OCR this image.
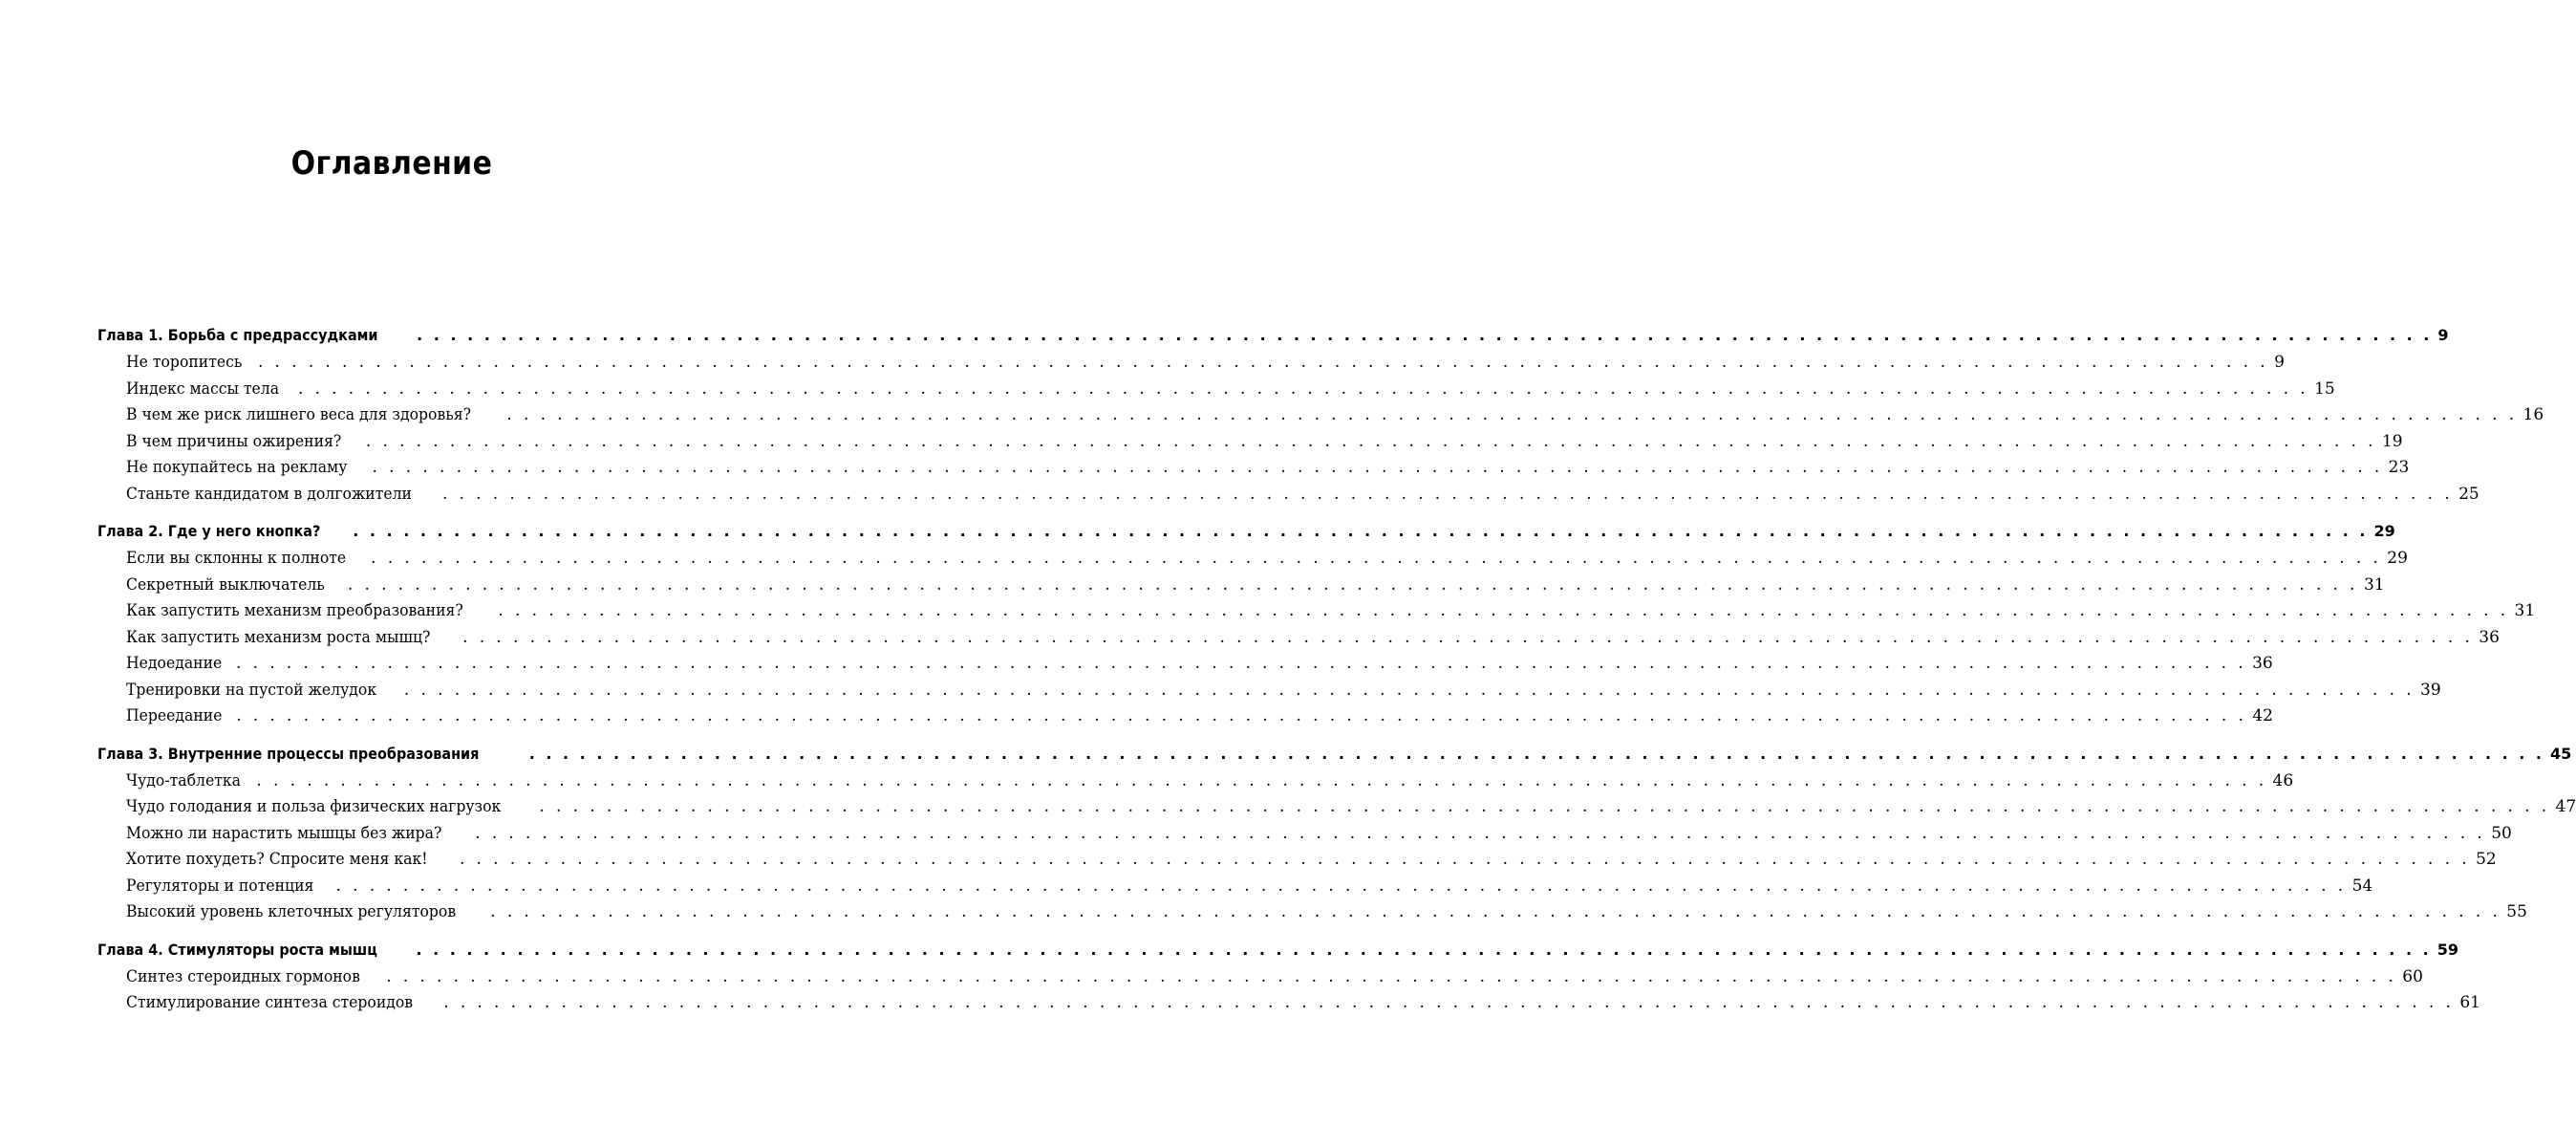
Оглавление
Глава 1. Борьба с предрассудками	. . . . . . . . . . . . . . . . . . . . . . . . . . . . . . . . . . . . . . . . . . . . . . . . . . . . . . . . . . . . . . . . . . . . . . . . . . . . . . . . . . . . . . . . . . . . . . . . . . . . . . . . . . . . . . . . . . . . . . . . 9
Не торопитесь . . . . . . . . . . . . . . . . . . . . . . . . . . . . . . . . . . . . . . . . . . . . . . . . . . . . . . . . . . . . . . . . . . . . . . . . . . . . . . . . . . . . . . . . . . . . . . . . . . . . . . . . . . . . . . . . . . . . . . . . 9
Индекс массы тела . . . . . . . . . . . . . . . . . . . . . . . . . . . . . . . . . . . . . . . . . . . . . . . . . . . . . . . . . . . . . . . . . . . . . . . . . . . . . . . . . . . . . . . . . . . . . . . . . . . . . . . . . . . . . . . . . . . . . . . . 15
В чем же риск лишнего веса для здоровья? . . . . . . . . . . . . . . . . . . . . . . . . . . . . . . . . . . . . . . . . . . . . . . . . . . . . . . . . . . . . . . . . . . . . . . . . . . . . . . . . . . . . . . . . . . . . . . . . . . . . . . . . . . . . . . . . . . . . . . . . 16
В чем причины ожирения? . . . . . . . . . . . . . . . . . . . . . . . . . . . . . . . . . . . . . . . . . . . . . . . . . . . . . . . . . . . . . . . . . . . . . . . . . . . . . . . . . . . . . . . . . . . . . . . . . . . . . . . . . . . . . . . . . . . . . . . . 19
Не покупайтесь на рекламу . . . . . . . . . . . . . . . . . . . . . . . . . . . . . . . . . . . . . . . . . . . . . . . . . . . . . . . . . . . . . . . . . . . . . . . . . . . . . . . . . . . . . . . . . . . . . . . . . . . . . . . . . . . . . . . . . . . . . . . . 23
Станьте кандидатом в долгожители . . . . . . . . . . . . . . . . . . . . . . . . . . . . . . . . . . . . . . . . . . . . . . . . . . . . . . . . . . . . . . . . . . . . . . . . . . . . . . . . . . . . . . . . . . . . . . . . . . . . . . . . . . . . . . . . . . . . . . . . 25
Глава 2. Где у него кнопка? . . . . . . . . . . . . . . . . . . . . . . . . . . . . . . . . . . . . . . . . . . . . . . . . . . . . . . . . . . . . . . . . . . . . . . . . . . . . . . . . . . . . . . . . . . . . . . . . . . . . . . . . . . . . . . . . . . . . . . . . 29
Если вы склонны к полноте . . . . . . . . . . . . . . . . . . . . . . . . . . . . . . . . . . . . . . . . . . . . . . . . . . . . . . . . . . . . . . . . . . . . . . . . . . . . . . . . . . . . . . . . . . . . . . . . . . . . . . . . . . . . . . . . . . . . . . . . 29
Секретный выключатель . . . . . . . . . . . . . . . . . . . . . . . . . . . . . . . . . . . . . . . . . . . . . . . . . . . . . . . . . . . . . . . . . . . . . . . . . . . . . . . . . . . . . . . . . . . . . . . . . . . . . . . . . . . . . . . . . . . . . . . . 31
Как запустить механизм преобразования? . . . . . . . . . . . . . . . . . . . . . . . . . . . . . . . . . . . . . . . . . . . . . . . . . . . . . . . . . . . . . . . . . . . . . . . . . . . . . . . . . . . . . . . . . . . . . . . . . . . . . . . . . . . . . . . . . . . . . . . . 31
Как запустить механизм роста мышц? . . . . . . . . . . . . . . . . . . . . . . . . . . . . . . . . . . . . . . . . . . . . . . . . . . . . . . . . . . . . . . . . . . . . . . . . . . . . . . . . . . . . . . . . . . . . . . . . . . . . . . . . . . . . . . . . . . . . . . . . 36
Недоедание . . . . . . . . . . . . . . . . . . . . . . . . . . . . . . . . . . . . . . . . . . . . . . . . . . . . . . . . . . . . . . . . . . . . . . . . . . . . . . . . . . . . . . . . . . . . . . . . . . . . . . . . . . . . . . . . . . . . . . . . 36
Тренировки на пустой желудок . . . . . . . . . . . . . . . . . . . . . . . . . . . . . . . . . . . . . . . . . . . . . . . . . . . . . . . . . . . . . . . . . . . . . . . . . . . . . . . . . . . . . . . . . . . . . . . . . . . . . . . . . . . . . . . . . . . . . . . . 39
Переедание . . . . . . . . . . . . . . . . . . . . . . . . . . . . . . . . . . . . . . . . . . . . . . . . . . . . . . . . . . . . . . . . . . . . . . . . . . . . . . . . . . . . . . . . . . . . . . . . . . . . . . . . . . . . . . . . . . . . . . . . 42
Глава 3. Внутренние процессы преобразования	. . . . . . . . . . . . . . . . . . . . . . . . . . . . . . . . . . . . . . . . . . . . . . . . . . . . . . . . . . . . . . . . . . . . . . . . . . . . . . . . . . . . . . . . . . . . . . . . . . . . . . . . . . . . . . . . . . . . . . . . 45
Чудо-таблетка . . . . . . . . . . . . . . . . . . . . . . . . . . . . . . . . . . . . . . . . . . . . . . . . . . . . . . . . . . . . . . . . . . . . . . . . . . . . . . . . . . . . . . . . . . . . . . . . . . . . . . . . . . . . . . . . . . . . . . . . 46
Чудо голодания и польза физических нагрузок . . . . . . . . . . . . . . . . . . . . . . . . . . . . . . . . . . . . . . . . . . . . . . . . . . . . . . . . . . . . . . . . . . . . . . . . . . . . . . . . . . . . . . . . . . . . . . . . . . . . . . . . . . . . . . . . . . . . . . . . 47
Можно ли нарастить мышцы без жира? . . . . . . . . . . . . . . . . . . . . . . . . . . . . . . . . . . . . . . . . . . . . . . . . . . . . . . . . . . . . . . . . . . . . . . . . . . . . . . . . . . . . . . . . . . . . . . . . . . . . . . . . . . . . . . . . . . . . . . . . 50
Хотите похудеть? Спросите меня как! . . . . . . . . . . . . . . . . . . . . . . . . . . . . . . . . . . . . . . . . . . . . . . . . . . . . . . . . . . . . . . . . . . . . . . . . . . . . . . . . . . . . . . . . . . . . . . . . . . . . . . . . . . . . . . . . . . . . . . . . 52
Регуляторы и потенция . . . . . . . . . . . . . . . . . . . . . . . . . . . . . . . . . . . . . . . . . . . . . . . . . . . . . . . . . . . . . . . . . . . . . . . . . . . . . . . . . . . . . . . . . . . . . . . . . . . . . . . . . . . . . . . . . . . . . . . . 54
Высокий уровень клеточных регуляторов . . . . . . . . . . . . . . . . . . . . . . . . . . . . . . . . . . . . . . . . . . . . . . . . . . . . . . . . . . . . . . . . . . . . . . . . . . . . . . . . . . . . . . . . . . . . . . . . . . . . . . . . . . . . . . . . . . . . . . . . 55
Глава 4. Стимуляторы роста мышц	. . . . . . . . . . . . . . . . . . . . . . . . . . . . . . . . . . . . . . . . . . . . . . . . . . . . . . . . . . . . . . . . . . . . . . . . . . . . . . . . . . . . . . . . . . . . . . . . . . . . . . . . . . . . . . . . . . . . . . . . 59
Синтез стероидных гормонов . . . . . . . . . . . . . . . . . . . . . . . . . . . . . . . . . . . . . . . . . . . . . . . . . . . . . . . . . . . . . . . . . . . . . . . . . . . . . . . . . . . . . . . . . . . . . . . . . . . . . . . . . . . . . . . . . . . . . . . . 60
Стимулирование синтеза стероидов . . . . . . . . . . . . . . . . . . . . . . . . . . . . . . . . . . . . . . . . . . . . . . . . . . . . . . . . . . . . . . . . . . . . . . . . . . . . . . . . . . . . . . . . . . . . . . . . . . . . . . . . . . . . . . . . . . . . . . . . 61
